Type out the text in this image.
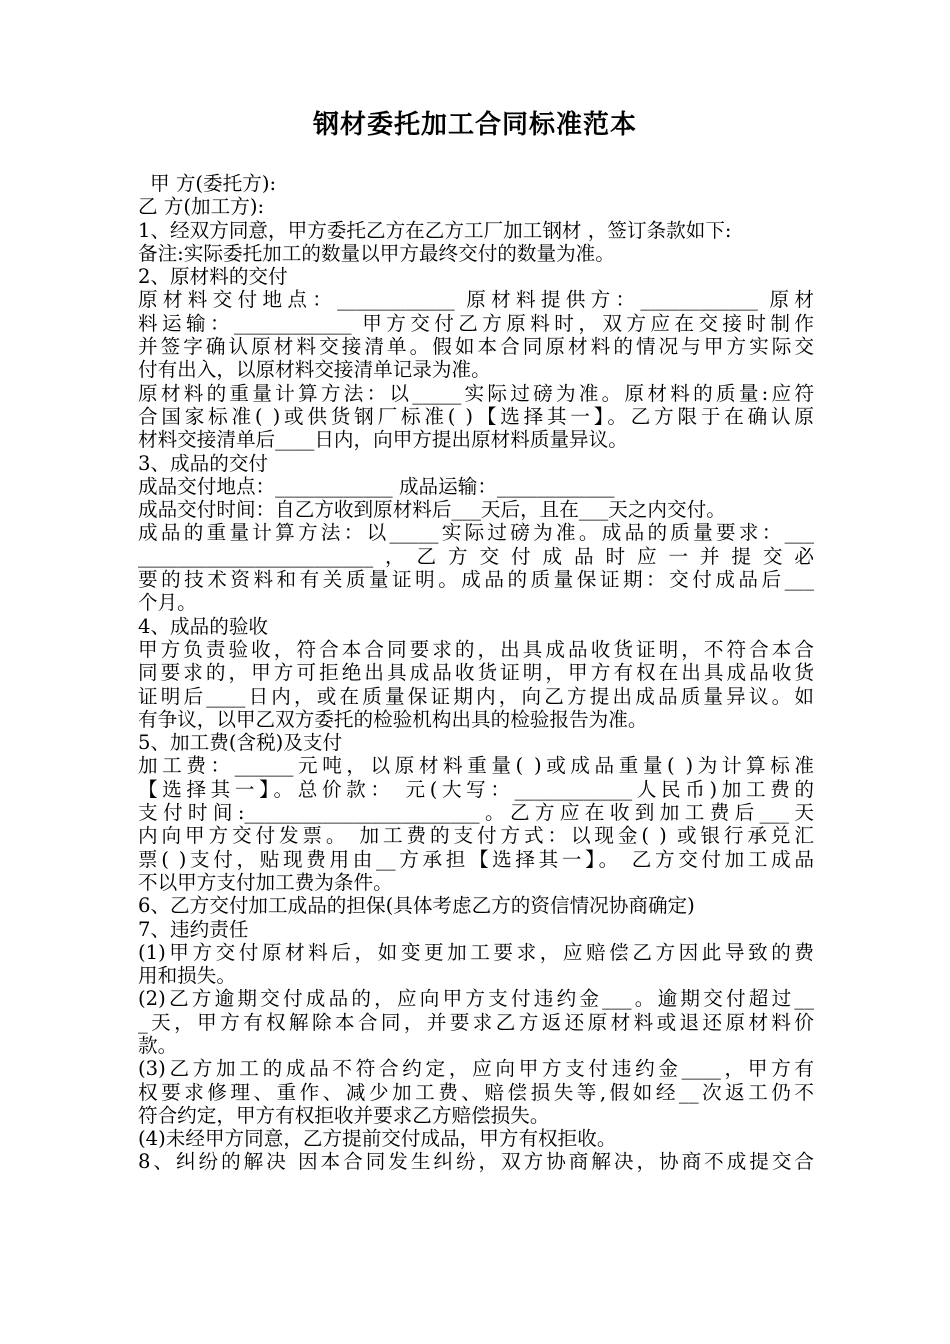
钢材委托加工合同标准范本
甲 方(委托方):
乙 方(加工方):
1、经双方同意，甲方委托乙方在乙方工厂加工钢材 ，签订条款如下:
备注:实际委托加工的数量以甲方最终交付的数量为准。
2、原材料的交付
原材料交付地点：____________ 原材料提供方：____________ 原材
料运输：____________ 甲方交付乙方原料时，双方应在交接时制作
并签字确认原材料交接清单。假如本合同原材料的情况与甲方实际交
付有出入，以原材料交接清单记录为准。
原材料的重量计算方法：以_____实际过磅为准。原材料的质量:应符
合国家标准( )或供货钢厂标准( )【选择其一】。乙方限于在确认原
材料交接清单后____日内，向甲方提出原材料质量异议。
3、成品的交付
成品交付地点：____________ 成品运输：____________
成品交付时间：自乙方收到原材料后___天后，且在___天之内交付。
成品的重量计算方法：以_____实际过磅为准。成品的质量要求：___
________________________，乙方交付成品时应一并提交必
要的技术资料和有关质量证明。成品的质量保证期：交付成品后___
个月。
4、成品的验收
甲方负责验收，符合本合同要求的，出具成品收货证明，不符合本合
同要求的，甲方可拒绝出具成品收货证明，甲方有权在出具成品收货
证明后____日内，或在质量保证期内，向乙方提出成品质量异议。如
有争议，以甲乙双方委托的检验机构出具的检验报告为准。
5、加工费(含税)及支付
加工费：______元吨，以原材料重量( )或成品重量( )为计算标准
【选择其一】。总价款： 元(大写：____________人民币)加工费的
支付时间:________________________。乙方应在收到加工费后___天
内向甲方交付发票。 加工费的支付方式：以现金( ) 或银行承兑汇
票( )支付，贴现费用由__方承担【选择其一】。 乙方交付加工成品
不以甲方支付加工费为条件。
6、乙方交付加工成品的担保(具体考虑乙方的资信情况协商确定)
7、违约责任
(1)甲方交付原材料后，如变更加工要求，应赔偿乙方因此导致的费
用和损失。
(2)乙方逾期交付成品的，应向甲方支付违约金___。逾期交付超过__
_天，甲方有权解除本合同，并要求乙方返还原材料或退还原材料价
款。
(3)乙方加工的成品不符合约定，应向甲方支付违约金____，甲方有
权要求修理、重作、减少加工费、赔偿损失等,假如经__次返工仍不
符合约定，甲方有权拒收并要求乙方赔偿损失。
(4)未经甲方同意，乙方提前交付成品，甲方有权拒收。
8、纠纷的解决 因本合同发生纠纷，双方协商解决，协商不成提交合
